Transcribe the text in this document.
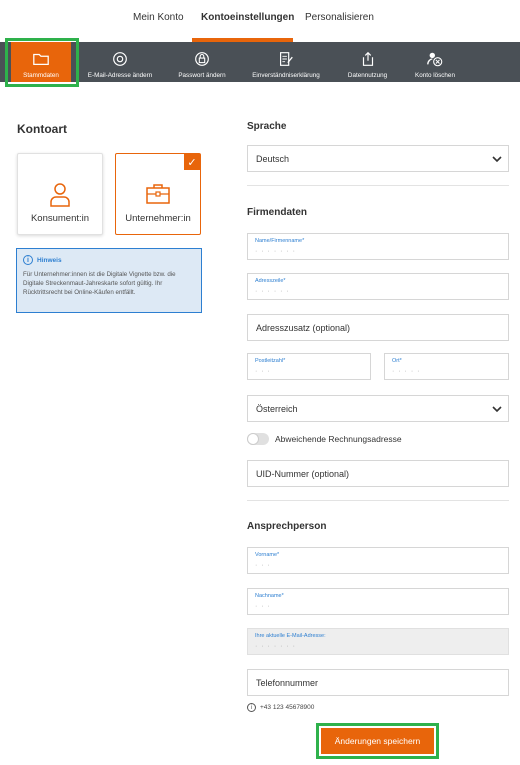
Mein Konto Kontoeinstellungen Personalisieren
Stammdaten	E-Mail-Adresse ändern	Passwort ändern	Einverständniserklärung	Datennutzung	Konto löschen
Kontoart
Konsument:in
✓
Unternehmer:in
i	Hinweis
Für Unternehmer:innen ist die Digitale Vignette bzw. die Digitale Streckenmaut-Jahreskarte sofort gültig. Ihr Rücktrittsrecht bei Online-Käufen entfällt.
Sprache
Deutsch
Firmendaten
Name/Firmenname*
· · · · · · ·
Adresszeile*
· · · · · ·
Adresszusatz (optional)
Postleitzahl*
· · ·
Ort*
· · · · ·
Österreich
Abweichende Rechnungsadresse
UID-Nummer (optional)
Ansprechperson
Vorname*
· · ·
Nachname*
· · ·
Ihre aktuelle E-Mail-Adresse:
· · · · · · ·
Telefonnummer
i	+43 123 45678900
Änderungen speichern
